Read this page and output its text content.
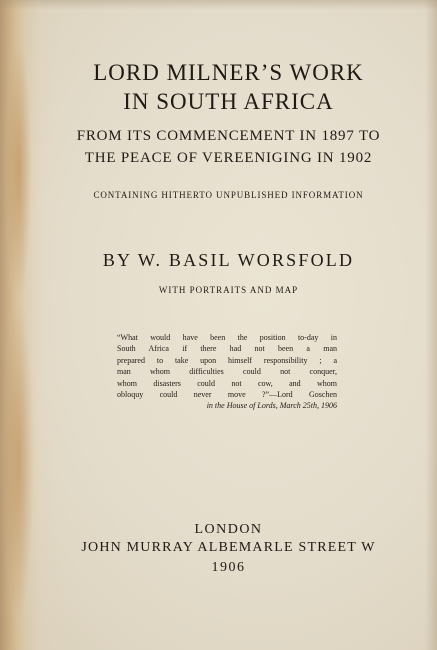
LORD MILNER’S WORK
IN SOUTH AFRICA
FROM ITS COMMENCEMENT IN 1897 TO
THE PEACE OF VEREENIGING IN 1902
CONTAINING HITHERTO UNPUBLISHED INFORMATION
BY W. BASIL WORSFOLD
WITH PORTRAITS AND MAP
“What would have been the position to-day in
South Africa if there had not been a man
prepared to take upon himself responsibility ; a
man whom difficulties could not conquer,
whom disasters could not cow, and whom
obloquy could never move ?”—Lord Goschen
in the House of Lords, March 25th, 1906
LONDON
JOHN MURRAY ALBEMARLE STREET W
1906
